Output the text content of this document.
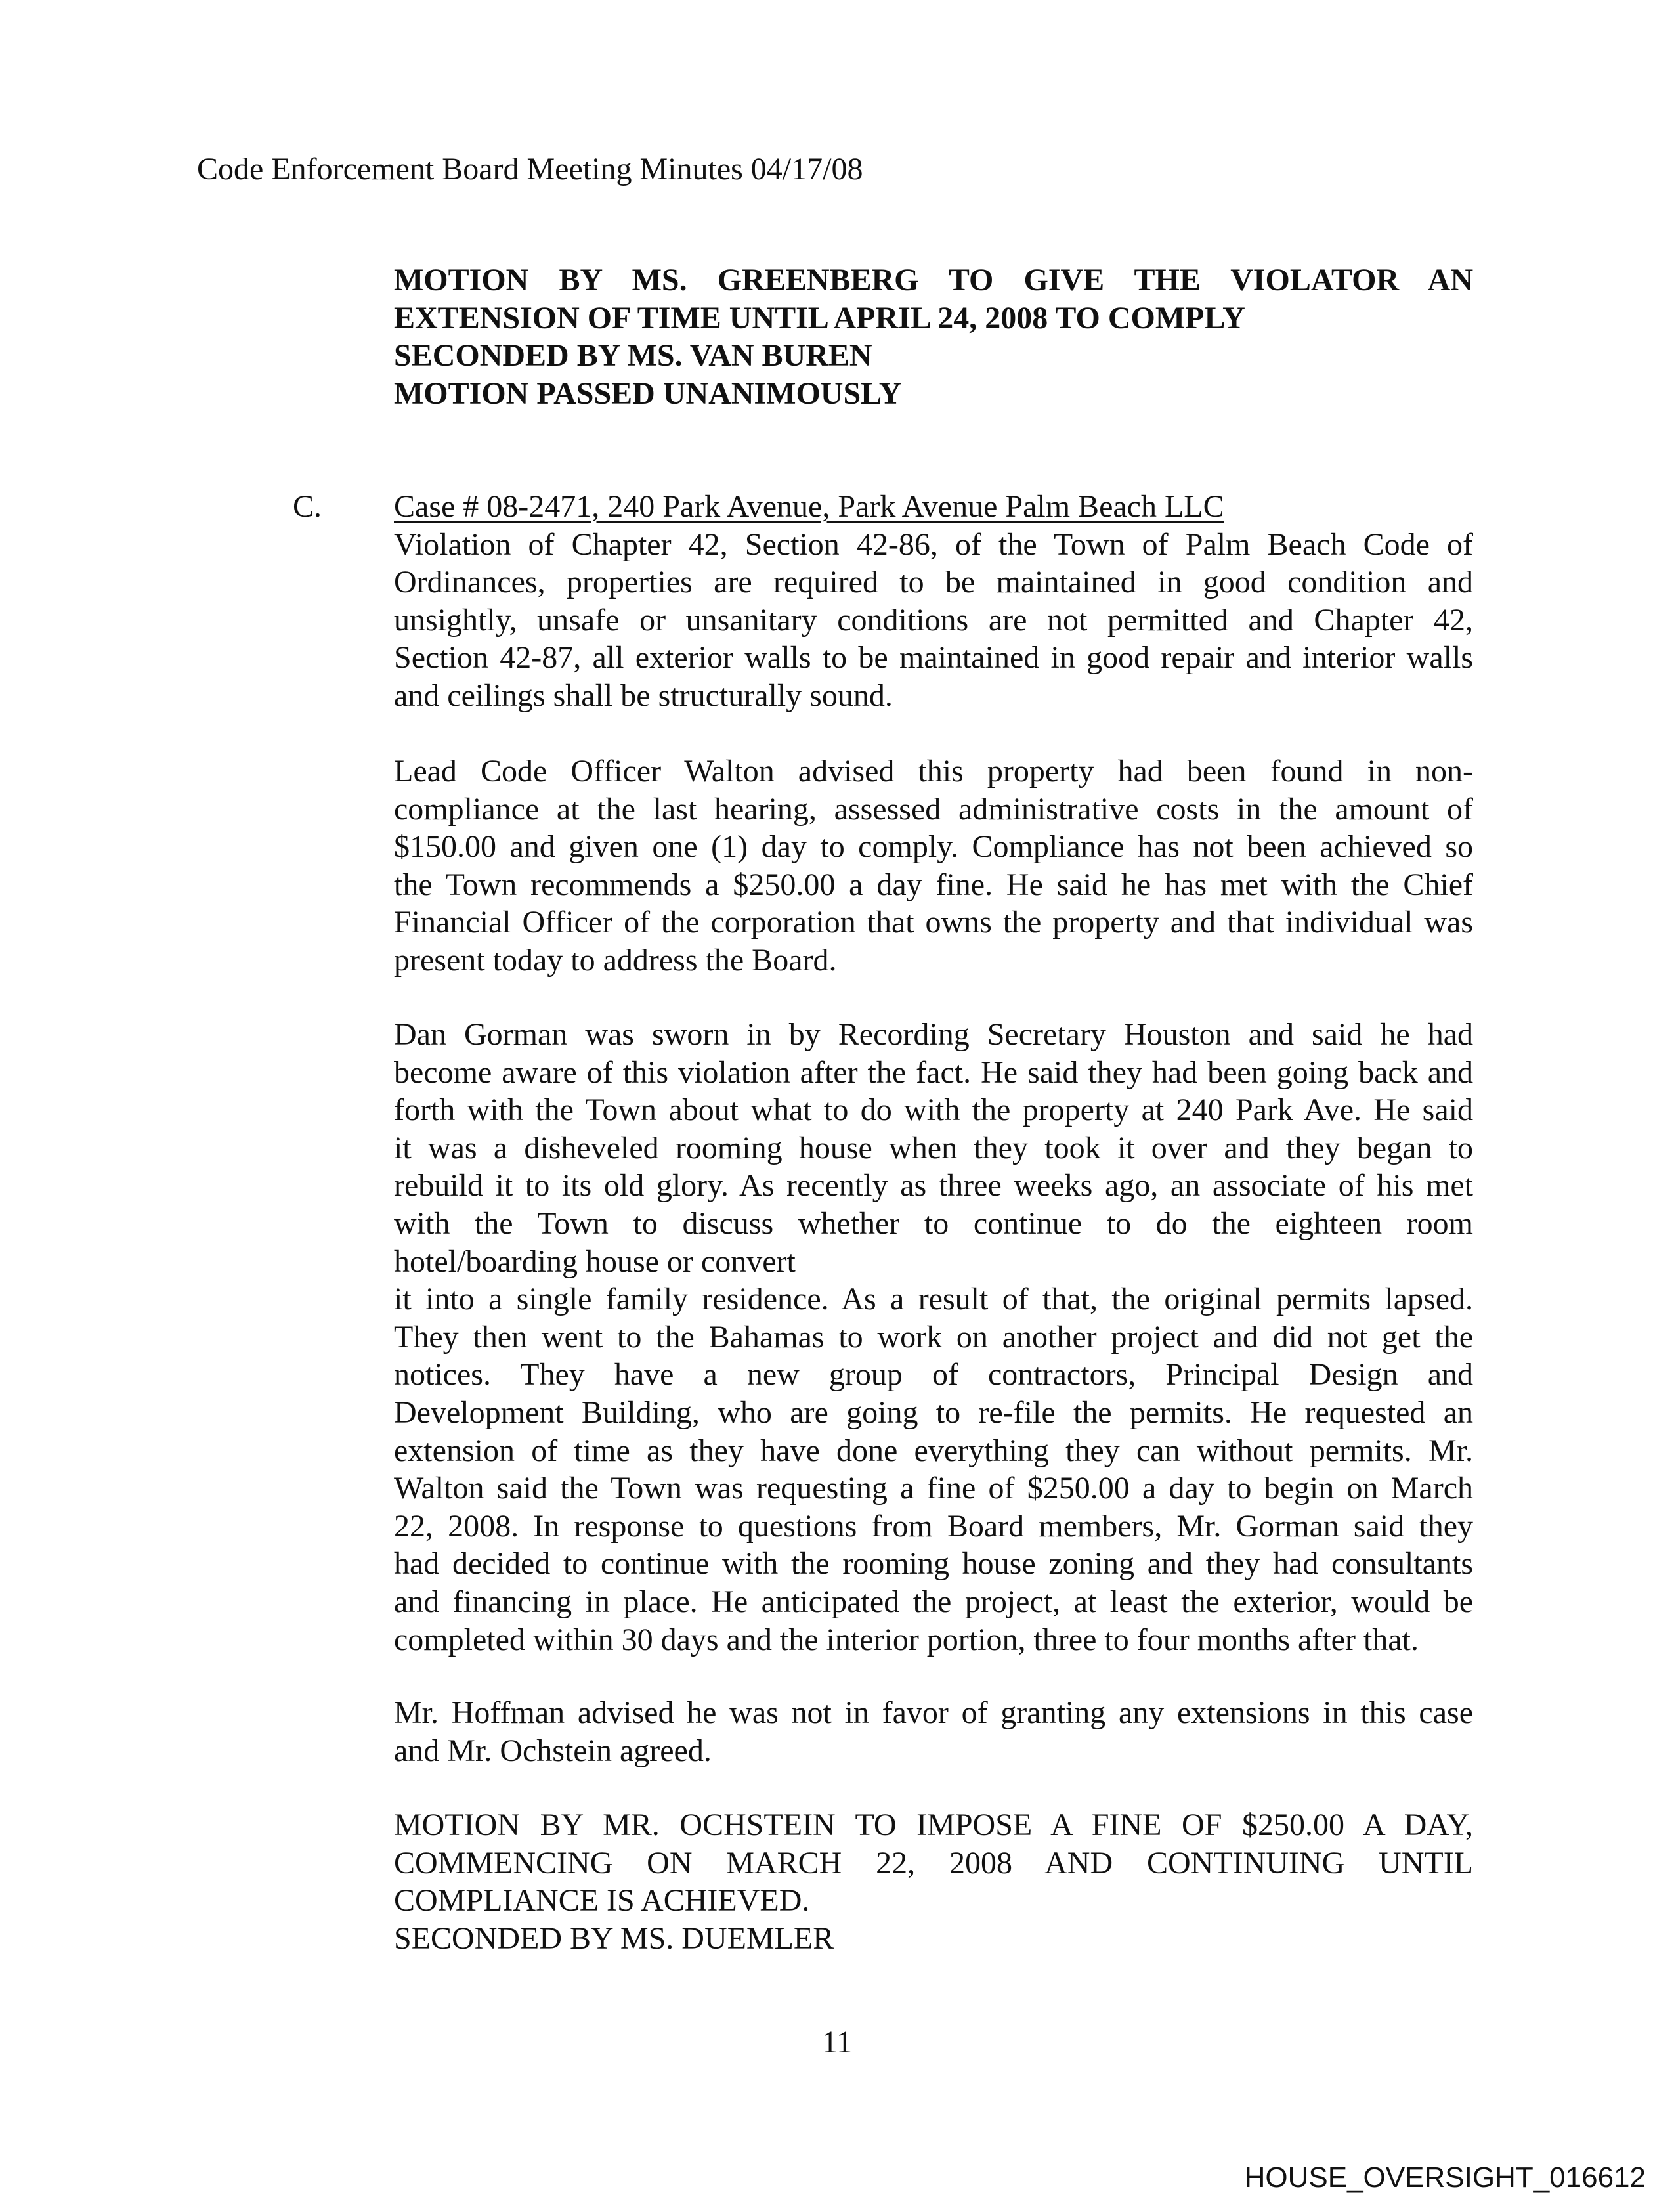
Code Enforcement Board Meeting Minutes 04/17/08
C.
MOTION BY MS. GREENBERG TO GIVE THE VIOLATOR AN
EXTENSION OF TIME UNTIL APRIL 24, 2008 TO COMPLY
SECONDED BY MS. VAN BUREN
MOTION PASSED UNANIMOUSLY
Case # 08-2471, 240 Park Avenue, Park Avenue Palm Beach LLC
Violation of Chapter 42, Section 42-86, of the Town of Palm Beach Code of
Ordinances, properties are required to be maintained in good condition and
unsightly, unsafe or unsanitary conditions are not permitted and Chapter 42,
Section 42-87, all exterior walls to be maintained in good repair and interior walls
and ceilings shall be structurally sound.
Lead Code Officer Walton advised this property had been found in non-
compliance at the last hearing, assessed administrative costs in the amount of
$150.00 and given one (1) day to comply. Compliance has not been achieved so
the Town recommends a $250.00 a day fine. He said he has met with the Chief
Financial Officer of the corporation that owns the property and that individual was
present today to address the Board.
Dan Gorman was sworn in by Recording Secretary Houston and said he had
become aware of this violation after the fact. He said they had been going back and
forth with the Town about what to do with the property at 240 Park Ave. He said
it was a disheveled rooming house when they took it over and they began to
rebuild it to its old glory. As recently as three weeks ago, an associate of his met
with the Town to discuss whether to continue to do the eighteen room
hotel/boarding house or convert
it into a single family residence. As a result of that, the original permits lapsed.
They then went to the Bahamas to work on another project and did not get the
notices. They have a new group of contractors, Principal Design and
Development Building, who are going to re-file the permits. He requested an
extension of time as they have done everything they can without permits. Mr.
Walton said the Town was requesting a fine of $250.00 a day to begin on March
22, 2008. In response to questions from Board members, Mr. Gorman said they
had decided to continue with the rooming house zoning and they had consultants
and financing in place. He anticipated the project, at least the exterior, would be
completed within 30 days and the interior portion, three to four months after that.
Mr. Hoffman advised he was not in favor of granting any extensions in this case
and Mr. Ochstein agreed.
MOTION BY MR. OCHSTEIN TO IMPOSE A FINE OF $250.00 A DAY,
COMMENCING ON MARCH 22, 2008 AND CONTINUING UNTIL
COMPLIANCE IS ACHIEVED.
SECONDED BY MS. DUEMLER
11
HOUSE_OVERSIGHT_016612
